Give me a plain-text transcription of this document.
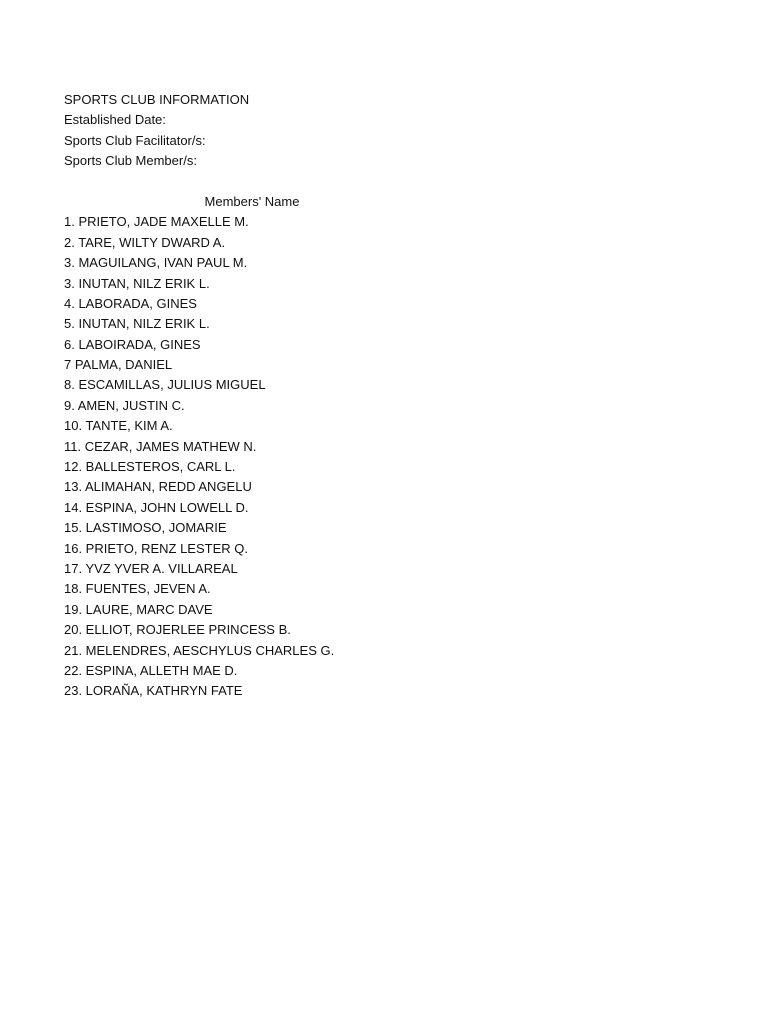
SPORTS CLUB INFORMATION
Established Date:
Sports Club Facilitator/s:
Sports Club Member/s:
Members' Name
1. PRIETO, JADE MAXELLE M.
2. TARE, WILTY DWARD A.
3. MAGUILANG, IVAN PAUL M.
3. INUTAN, NILZ ERIK L.
4. LABORADA, GINES
5. INUTAN, NILZ ERIK L.
6. LABOIRADA, GINES
7 PALMA, DANIEL
8. ESCAMILLAS, JULIUS MIGUEL
9. AMEN, JUSTIN C.
10. TANTE, KIM A.
11. CEZAR, JAMES MATHEW N.
12. BALLESTEROS, CARL L.
13. ALIMAHAN, REDD ANGELU
14. ESPINA, JOHN LOWELL D.
15. LASTIMOSO, JOMARIE
16. PRIETO, RENZ LESTER Q.
17. YVZ YVER A. VILLAREAL
18. FUENTES, JEVEN A.
19. LAURE, MARC DAVE
20. ELLIOT, ROJERLEE PRINCESS B.
21. MELENDRES, AESCHYLUS CHARLES G.
22. ESPINA, ALLETH MAE D.
23. LORAÑA, KATHRYN FATE
